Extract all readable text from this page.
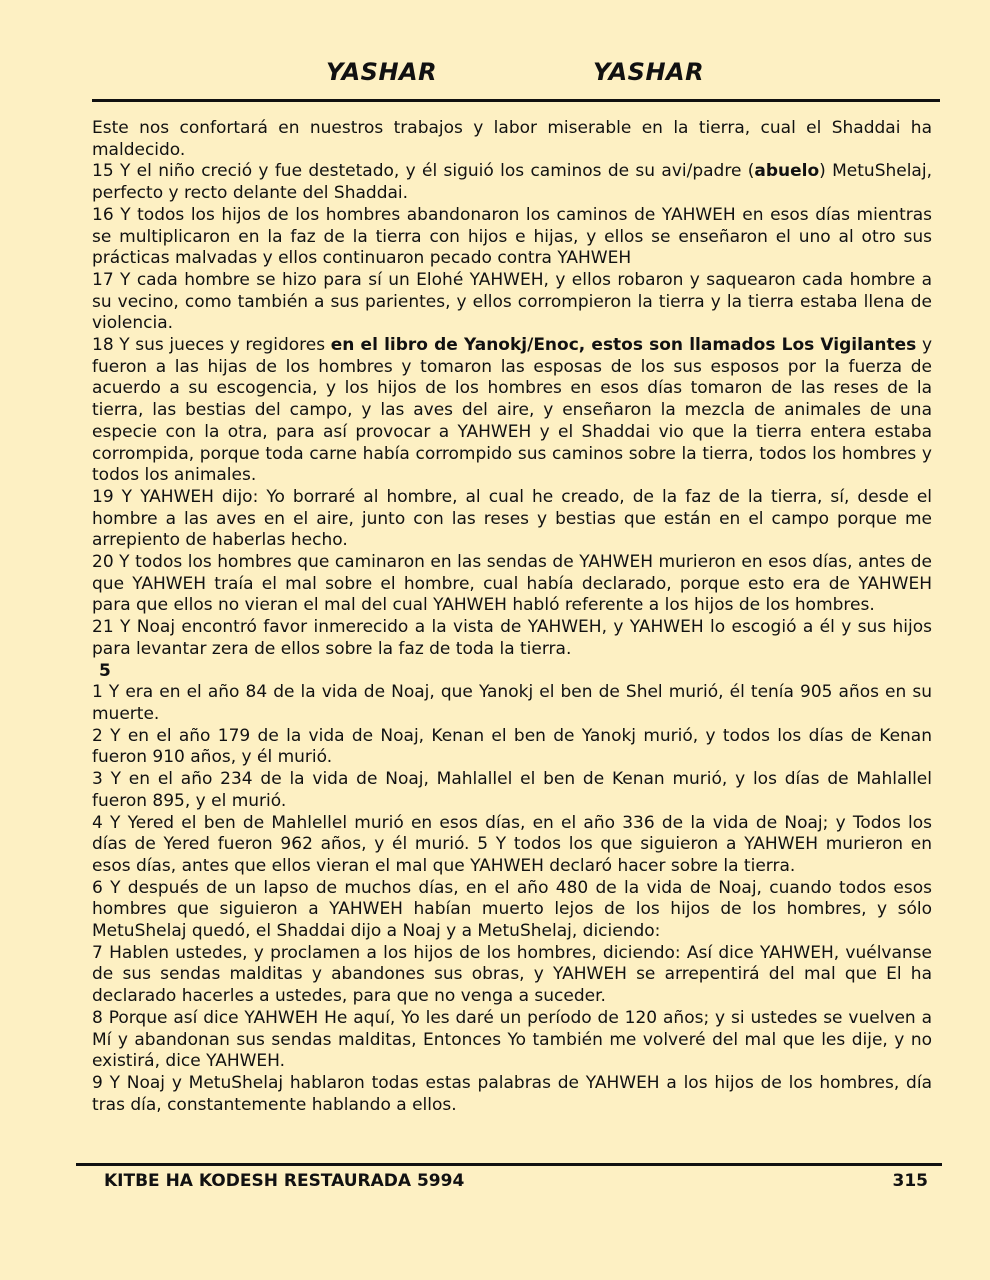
YASHAR	YASHAR

Este nos confortará en nuestros trabajos y labor miserable en la tierra, cual el Shaddai ha maldecido.

15 Y el niño creció y fue destetado, y él siguió los caminos de su avi/padre (abuelo) MetuShelaj, perfecto y recto delante del Shaddai.

16 Y todos los hijos de los hombres abandonaron los caminos de YAHWEH en esos días mientras se multiplicaron en la faz de la tierra con hijos e hijas, y ellos se enseñaron el uno al otro sus prácticas malvadas y ellos continuaron pecado contra YAHWEH

17 Y cada hombre se hizo para sí un Elohé YAHWEH, y ellos robaron y saquearon cada hombre a su vecino, como también a sus parientes, y ellos corrompieron la tierra y la tierra estaba llena de violencia.

18 Y sus jueces y regidores en el libro de Yanokj/Enoc, estos son llamados Los Vigilantes y fueron a las hijas de los hombres y tomaron las esposas de los sus esposos por la fuerza de acuerdo a su escogencia, y los hijos de los hombres en esos días tomaron de las reses de la tierra, las bestias del campo, y las aves del aire, y enseñaron la mezcla de animales de una especie con la otra, para así provocar a YAHWEH y el Shaddai vio que la tierra entera estaba corrompida, porque toda carne había corrompido sus caminos sobre la tierra, todos los hombres y todos los animales.

19 Y YAHWEH dijo: Yo borraré al hombre, al cual he creado, de la faz de la tierra, sí, desde el hombre a las aves en el aire, junto con las reses y bestias que están en el campo porque me arrepiento de haberlas hecho.

20 Y todos los hombres que caminaron en las sendas de YAHWEH murieron en esos días, antes de que YAHWEH traía el mal sobre el hombre, cual había declarado, porque esto era de YAHWEH para que ellos no vieran el mal del cual YAHWEH habló referente a los hijos de los hombres.

21 Y Noaj encontró favor inmerecido a la vista de YAHWEH, y YAHWEH lo escogió a él y sus hijos para levantar zera de ellos sobre la faz de toda la tierra.

5

1 Y era en el año 84 de la vida de Noaj, que Yanokj el ben de Shel murió, él tenía 905 años en su muerte.

2 Y en el año 179 de la vida de Noaj, Kenan el ben de Yanokj murió, y todos los días de Kenan fueron 910 años, y él murió.

3 Y en el año 234 de la vida de Noaj, Mahlallel el ben de Kenan murió, y los días de Mahlallel fueron 895, y el murió.

4 Y Yered el ben de Mahlellel murió en esos días, en el año 336 de la vida de Noaj; y Todos los días de Yered fueron 962 años, y él murió. 5 Y todos los que siguieron a YAHWEH murieron en esos días, antes que ellos vieran el mal que YAHWEH declaró hacer sobre la tierra.

6 Y después de un lapso de muchos días, en el año 480 de la vida de Noaj, cuando todos esos hombres que siguieron a YAHWEH habían muerto lejos de los hijos de los hombres, y sólo MetuShelaj quedó, el Shaddai dijo a Noaj y a MetuShelaj, diciendo:

7 Hablen ustedes, y proclamen a los hijos de los hombres, diciendo: Así dice YAHWEH, vuélvanse de sus sendas malditas y abandones sus obras, y YAHWEH se arrepentirá del mal que El ha declarado hacerles a ustedes, para que no venga a suceder.

8 Porque así dice YAHWEH He aquí, Yo les daré un período de 120 años; y si ustedes se vuelven a Mí y abandonan sus sendas malditas, Entonces Yo también me volveré del mal que les dije, y no existirá, dice YAHWEH.

9 Y Noaj y MetuShelaj hablaron todas estas palabras de YAHWEH a los hijos de los hombres, día tras día, constantemente hablando a ellos.

KITBE HA KODESH RESTAURADA 5994	315
